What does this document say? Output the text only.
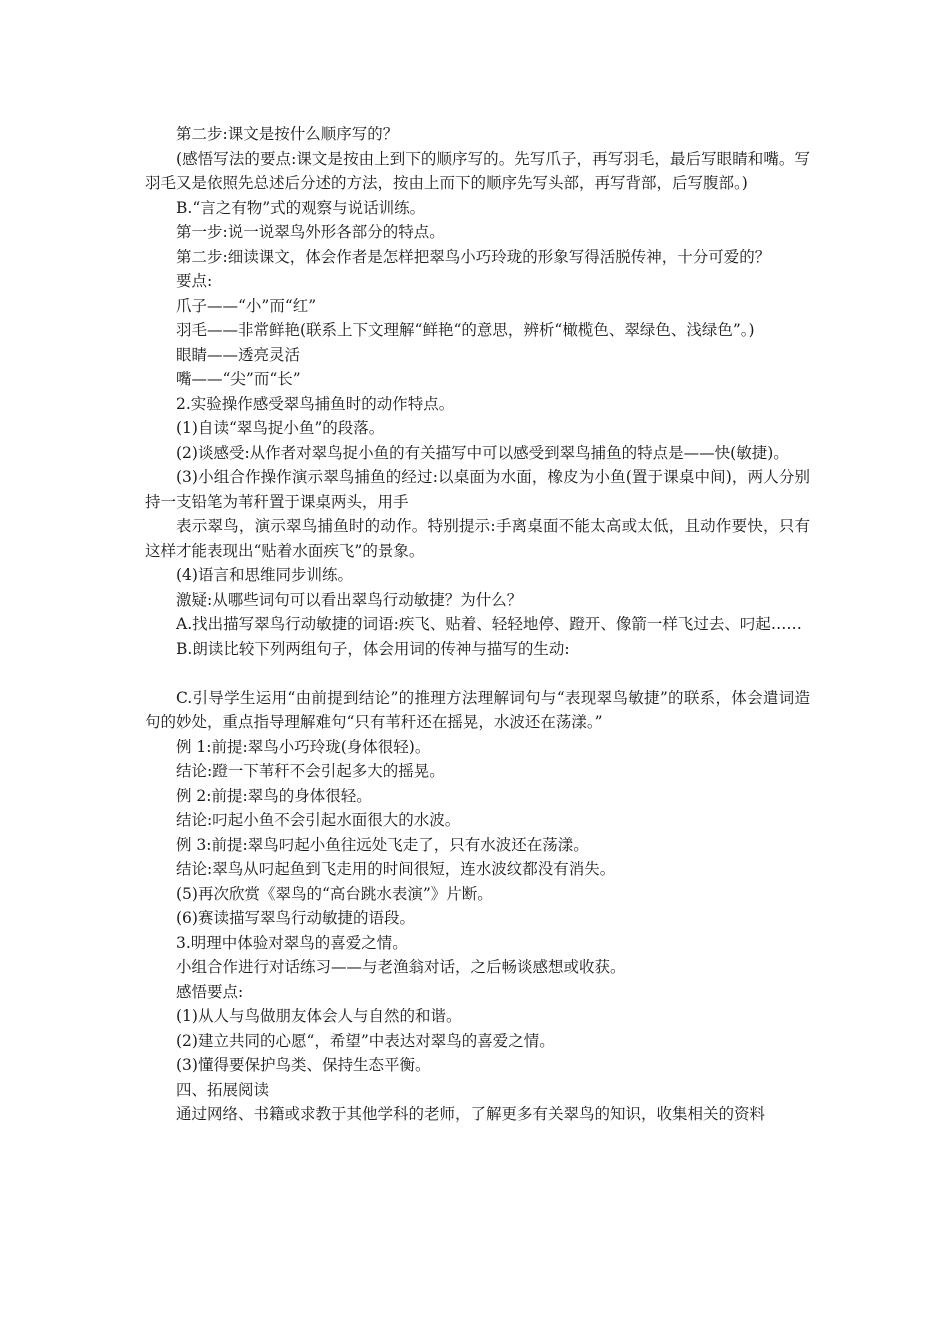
第二步:课文是按什么顺序写的？

(感悟写法的要点:课文是按由上到下的顺序写的。先写爪子，再写羽毛，最后写眼睛和嘴。写羽毛又是依照先总述后分述的方法，按由上而下的顺序先写头部，再写背部，后写腹部。)

B.“言之有物”式的观察与说话训练。

第一步:说一说翠鸟外形各部分的特点。

第二步:细读课文，体会作者是怎样把翠鸟小巧玲珑的形象写得活脱传神，十分可爱的？

要点:

爪子——“小”而“红”

羽毛——非常鲜艳(联系上下文理解“鲜艳“的意思，辨析“橄榄色、翠绿色、浅绿色”。)

眼睛——透亮灵活

嘴——“尖”而“长”

2.实验操作感受翠鸟捕鱼时的动作特点。

(1)自读“翠鸟捉小鱼”的段落。

(2)谈感受:从作者对翠鸟捉小鱼的有关描写中可以感受到翠鸟捕鱼的特点是——快(敏捷)。

(3)小组合作操作演示翠鸟捕鱼的经过:以桌面为水面，橡皮为小鱼(置于课桌中间)，两人分别持一支铅笔为苇秆置于课桌两头，用手

表示翠鸟，演示翠鸟捕鱼时的动作。特别提示:手离桌面不能太高或太低，且动作要快，只有这样才能表现出“贴着水面疾飞”的景象。

(4)语言和思维同步训练。

激疑:从哪些词句可以看出翠鸟行动敏捷？为什么？

A.找出描写翠鸟行动敏捷的词语:疾飞、贴着、轻轻地停、蹬开、像箭一样飞过去、叼起……

B.朗读比较下列两组句子，体会用词的传神与描写的生动:

C.引导学生运用“由前提到结论”的推理方法理解词句与“表现翠鸟敏捷”的联系，体会遣词造句的妙处，重点指导理解难句“只有苇秆还在摇晃，水波还在荡漾。”

例 1:前提:翠鸟小巧玲珑(身体很轻)。

结论:蹬一下苇秆不会引起多大的摇晃。

例 2:前提:翠鸟的身体很轻。

结论:叼起小鱼不会引起水面很大的水波。

例 3:前提:翠鸟叼起小鱼往远处飞走了，只有水波还在荡漾。

结论:翠鸟从叼起鱼到飞走用的时间很短，连水波纹都没有消失。

(5)再次欣赏《翠鸟的“高台跳水表演”》片断。

(6)赛读描写翠鸟行动敏捷的语段。

3.明理中体验对翠鸟的喜爱之情。

小组合作进行对话练习——与老渔翁对话，之后畅谈感想或收获。

感悟要点:

(1)从人与鸟做朋友体会人与自然的和谐。

(2)建立共同的心愿“，希望”中表达对翠鸟的喜爱之情。

(3)懂得要保护鸟类、保持生态平衡。

四、拓展阅读

通过网络、书籍或求教于其他学科的老师，了解更多有关翠鸟的知识，收集相关的资料
